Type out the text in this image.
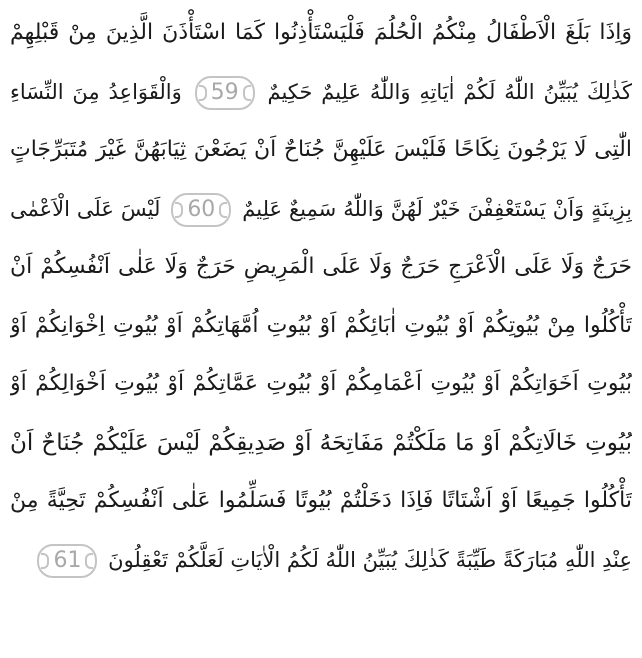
وَاِذَا بَلَغَ الْاَطْفَالُ مِنْكُمُ الْحُلُمَ فَلْيَسْتَأْذِنُوا كَمَا اسْتَأْذَنَ الَّذِينَ مِنْ قَبْلِهِمْ
كَذٰلِكَ يُبَيِّنُ اللّٰهُ لَكُمْ اٰيَاتِهِ وَاللّٰهُ عَلِيمٌ حَكِيمٌ 59 وَالْقَوَاعِدُ مِنَ النِّسَاءِ
الّٰتِى لَا يَرْجُونَ نِكَاحًا فَلَيْسَ عَلَيْهِنَّ جُنَاحٌ اَنْ يَضَعْنَ ثِيَابَهُنَّ غَيْرَ مُتَبَرِّجَاتٍ
بِزِينَةٍ وَاَنْ يَسْتَعْفِفْنَ خَيْرٌ لَهُنَّ وَاللّٰهُ سَمِيعٌ عَلِيمٌ 60 لَيْسَ عَلَى الْاَعْمٰى
حَرَجٌ وَلَا عَلَى الْاَعْرَجِ حَرَجٌ وَلَا عَلَى الْمَرِيضِ حَرَجٌ وَلَا عَلٰى اَنْفُسِكُمْ اَنْ
تَأْكُلُوا مِنْ بُيُوتِكُمْ اَوْ بُيُوتِ اٰبَائِكُمْ اَوْ بُيُوتِ اُمَّهَاتِكُمْ اَوْ بُيُوتِ اِخْوَانِكُمْ اَوْ
بُيُوتِ اَخَوَاتِكُمْ اَوْ بُيُوتِ اَعْمَامِكُمْ اَوْ بُيُوتِ عَمَّاتِكُمْ اَوْ بُيُوتِ اَخْوَالِكُمْ اَوْ
بُيُوتِ خَالَاتِكُمْ اَوْ مَا مَلَكْتُمْ مَفَاتِحَهُ اَوْ صَدِيقِكُمْ لَيْسَ عَلَيْكُمْ جُنَاحٌ اَنْ
تَأْكُلُوا جَمِيعًا اَوْ اَشْتَاتًا فَاِذَا دَخَلْتُمْ بُيُوتًا فَسَلِّمُوا عَلٰى اَنْفُسِكُمْ تَحِيَّةً مِنْ
عِنْدِ اللّٰهِ مُبَارَكَةً طَيِّبَةً كَذٰلِكَ يُبَيِّنُ اللّٰهُ لَكُمُ الْاٰيَاتِ لَعَلَّكُمْ تَعْقِلُونَ 61
